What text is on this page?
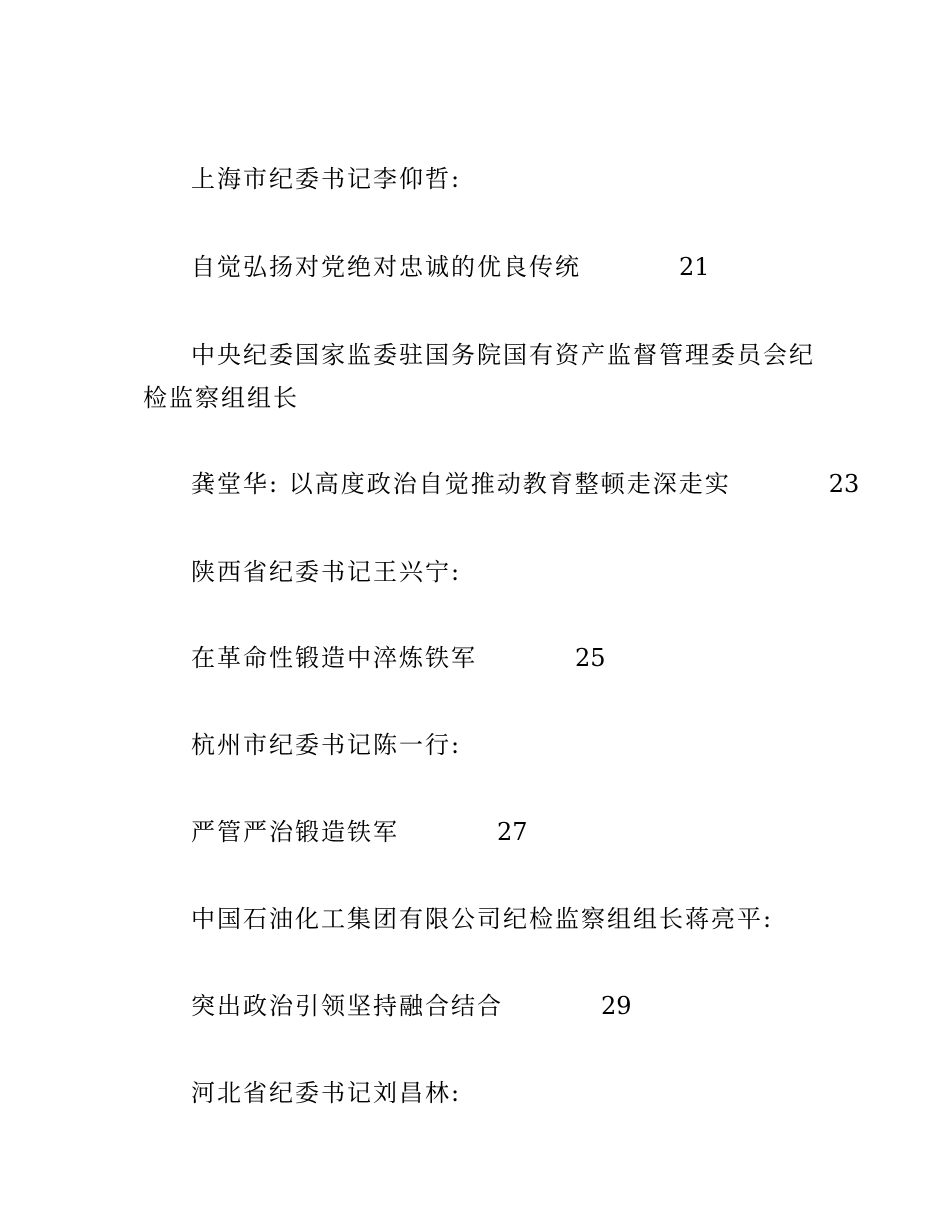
上海市纪委书记李仰哲:
自觉弘扬对党绝对忠诚的优良传统	21
中央纪委国家监委驻国务院国有资产监督管理委员会纪检监察组组长
龚堂华: 以高度政治自觉推动教育整顿走深走实	23
陕西省纪委书记王兴宁:
在革命性锻造中淬炼铁军	25
杭州市纪委书记陈一行:
严管严治锻造铁军	27
中国石油化工集团有限公司纪检监察组组长蒋亮平:
突出政治引领坚持融合结合	29
河北省纪委书记刘昌林:
